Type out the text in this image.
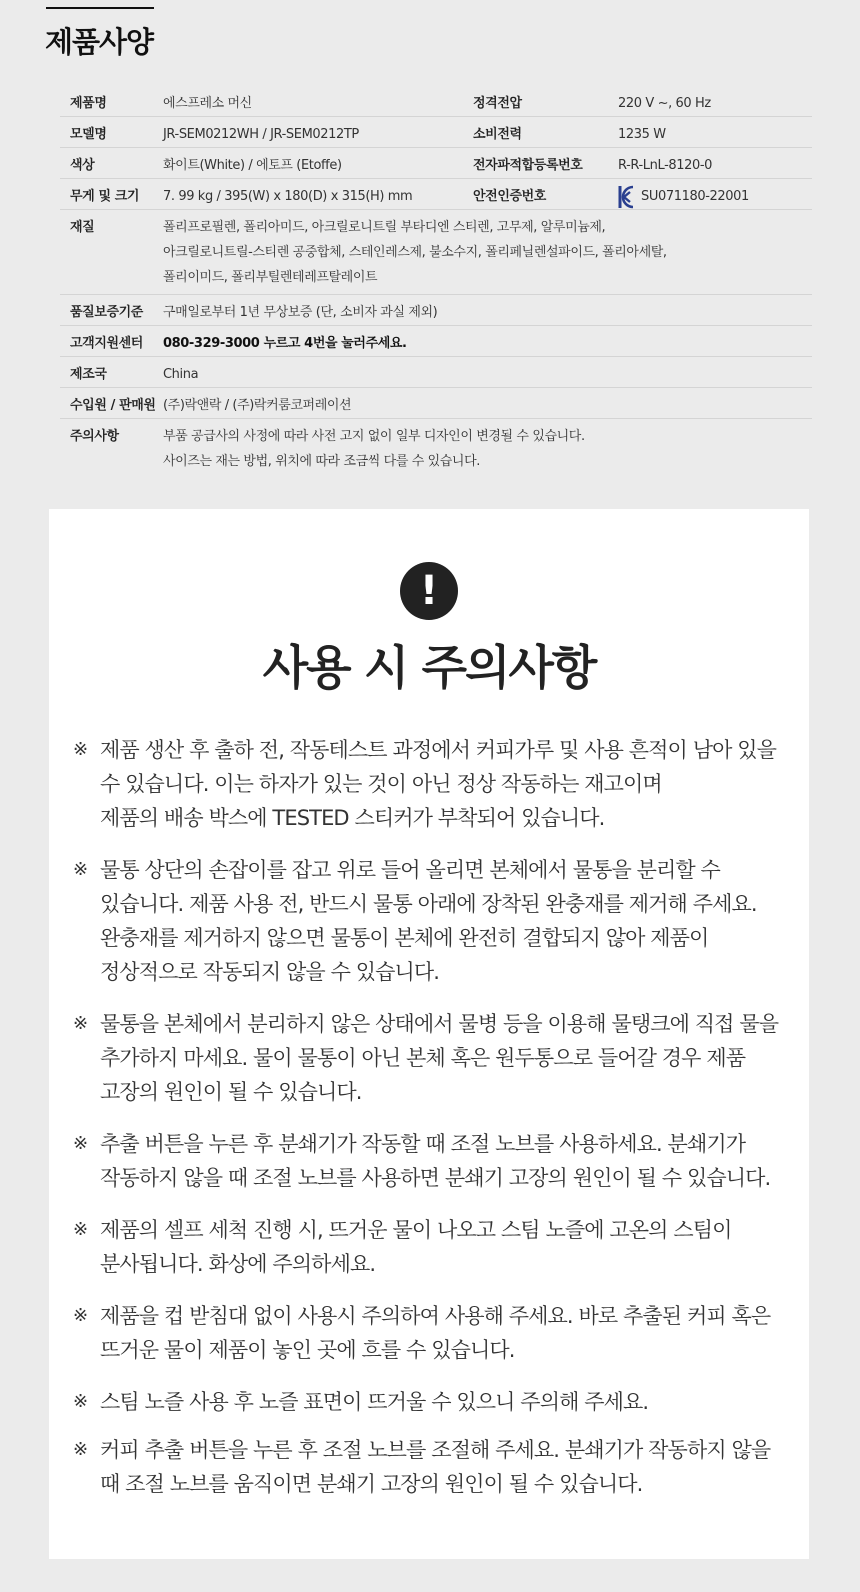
제품사양
제품명	에스프레소 머신	정격전압	220 V ~, 60 Hz
모델명	JR-SEM0212WH / JR-SEM0212TP	소비전력	1235 W
색상	화이트(White) / 에토프 (Etoffe)	전자파적합등록번호	R-R-LnL-8120-0
무게 및 크기	7. 99 kg / 395(W) x 180(D) x 315(H) mm	안전인증번호	SU071180-22001
재질	폴리프로필렌, 폴리아미드, 아크릴로니트릴 부타디엔 스티렌, 고무제, 알루미늄제,
아크릴로니트릴-스티렌 공중합체, 스테인레스제, 불소수지, 폴리페닐렌설파이드, 폴리아세탈,
폴리이미드, 폴리부틸렌테레프탈레이트
품질보증기준	구매일로부터 1년 무상보증 (단, 소비자 과실 제외)
고객지원센터	080-329-3000 누르고 4번을 눌러주세요.
제조국	China
수입원 / 판매원 (주)락앤락 / (주)락커룸코퍼레이션
주의사항	부품 공급사의 사정에 따라 사전 고지 없이 일부 디자인이 변경될 수 있습니다.
사이즈는 재는 방법, 위치에 따라 조금씩 다를 수 있습니다.
!
사용 시 주의사항
※ 제품 생산 후 출하 전, 작동테스트 과정에서 커피가루 및 사용 흔적이 남아 있을
수 있습니다. 이는 하자가 있는 것이 아닌 정상 작동하는 재고이며
제품의 배송 박스에 TESTED 스티커가 부착되어 있습니다.
※ 물통 상단의 손잡이를 잡고 위로 들어 올리면 본체에서 물통을 분리할 수
있습니다. 제품 사용 전, 반드시 물통 아래에 장착된 완충재를 제거해 주세요.
완충재를 제거하지 않으면 물통이 본체에 완전히 결합되지 않아 제품이
정상적으로 작동되지 않을 수 있습니다.
※ 물통을 본체에서 분리하지 않은 상태에서 물병 등을 이용해 물탱크에 직접 물을
추가하지 마세요. 물이 물통이 아닌 본체 혹은 원두통으로 들어갈 경우 제품
고장의 원인이 될 수 있습니다.
※ 추출 버튼을 누른 후 분쇄기가 작동할 때 조절 노브를 사용하세요. 분쇄기가
작동하지 않을 때 조절 노브를 사용하면 분쇄기 고장의 원인이 될 수 있습니다.
※ 제품의 셀프 세척 진행 시, 뜨거운 물이 나오고 스팀 노즐에 고온의 스팀이
분사됩니다. 화상에 주의하세요.
※ 제품을 컵 받침대 없이 사용시 주의하여 사용해 주세요. 바로 추출된 커피 혹은
뜨거운 물이 제품이 놓인 곳에 흐를 수 있습니다.
※ 스팀 노즐 사용 후 노즐 표면이 뜨거울 수 있으니 주의해 주세요.
※ 커피 추출 버튼을 누른 후 조절 노브를 조절해 주세요. 분쇄기가 작동하지 않을
때 조절 노브를 움직이면 분쇄기 고장의 원인이 될 수 있습니다.
